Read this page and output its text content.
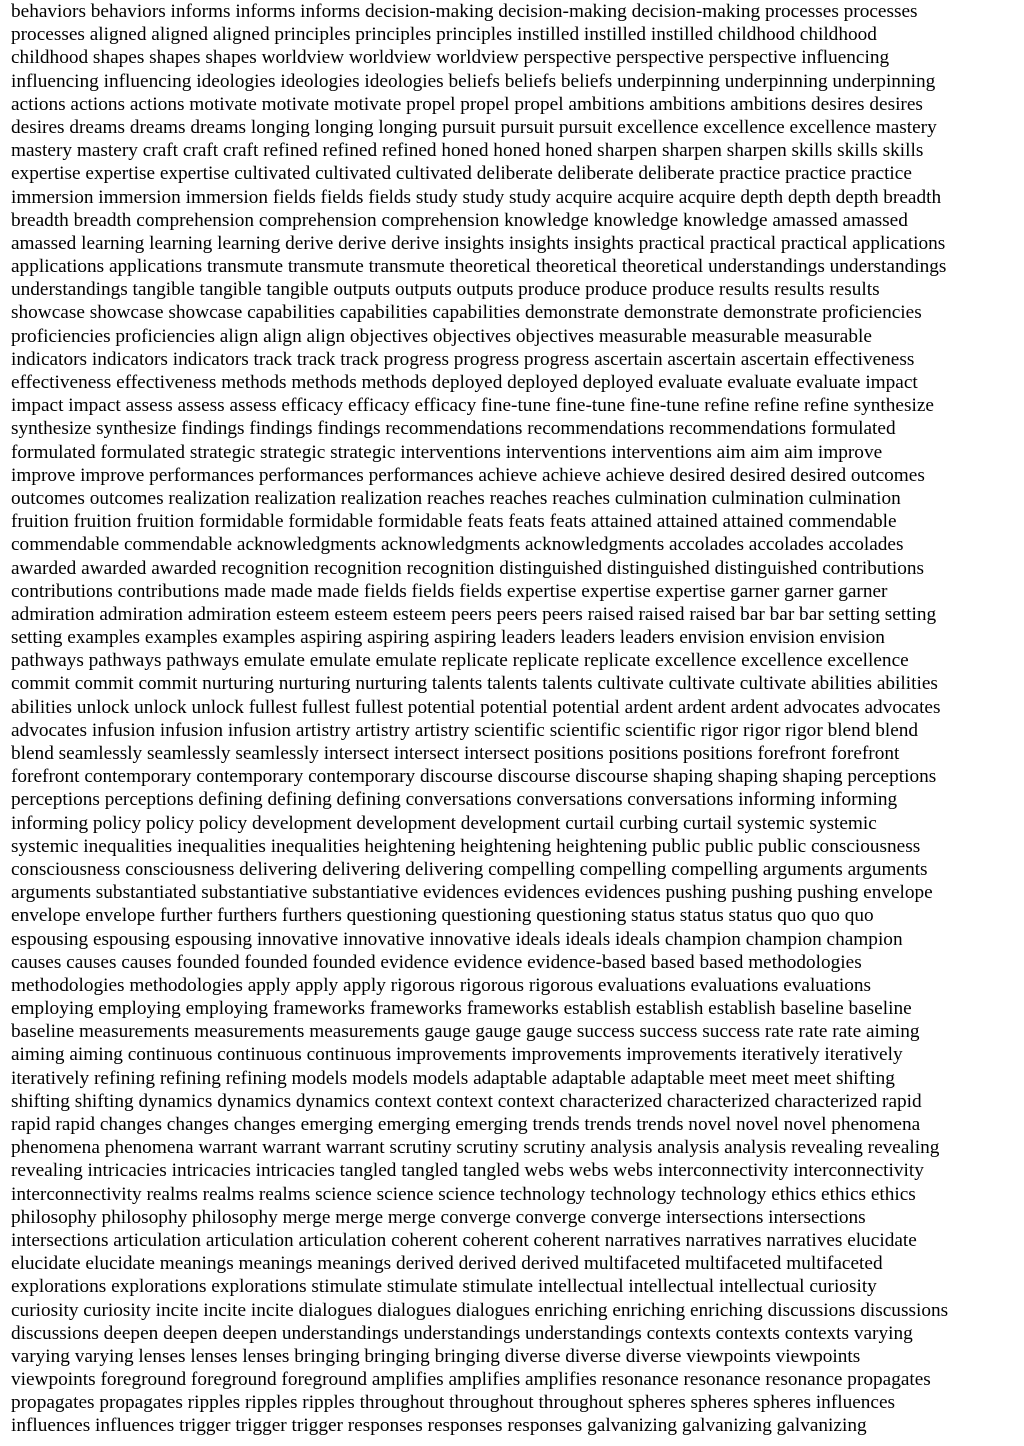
behaviors behaviors informs informs informs decision-making decision-making decision-making processes processes

processes aligned aligned aligned principles principles principles instilled instilled instilled childhood childhood

childhood shapes shapes shapes worldview worldview worldview perspective perspective perspective influencing

influencing influencing ideologies ideologies ideologies beliefs beliefs beliefs underpinning underpinning underpinning

actions actions actions motivate motivate motivate propel propel propel ambitions ambitions ambitions desires desires

desires dreams dreams dreams longing longing longing pursuit pursuit pursuit excellence excellence excellence mastery

mastery mastery craft craft craft refined refined refined honed honed honed sharpen sharpen sharpen skills skills skills

expertise expertise expertise cultivated cultivated cultivated deliberate deliberate deliberate practice practice practice

immersion immersion immersion fields fields fields study study study acquire acquire acquire depth depth depth breadth

breadth breadth comprehension comprehension comprehension knowledge knowledge knowledge amassed amassed

amassed learning learning learning derive derive derive insights insights insights practical practical practical applications

applications applications transmute transmute transmute theoretical theoretical theoretical understandings understandings

understandings tangible tangible tangible outputs outputs outputs produce produce produce results results results

showcase showcase showcase capabilities capabilities capabilities demonstrate demonstrate demonstrate proficiencies

proficiencies proficiencies align align align objectives objectives objectives measurable measurable measurable

indicators indicators indicators track track track progress progress progress ascertain ascertain ascertain effectiveness

effectiveness effectiveness methods methods methods deployed deployed deployed evaluate evaluate evaluate impact

impact impact assess assess assess efficacy efficacy efficacy fine-tune fine-tune fine-tune refine refine refine synthesize

synthesize synthesize findings findings findings recommendations recommendations recommendations formulated

formulated formulated strategic strategic strategic interventions interventions interventions aim aim aim improve

improve improve performances performances performances achieve achieve achieve desired desired desired outcomes

outcomes outcomes realization realization realization reaches reaches reaches culmination culmination culmination

fruition fruition fruition formidable formidable formidable feats feats feats attained attained attained commendable

commendable commendable acknowledgments acknowledgments acknowledgments accolades accolades accolades

awarded awarded awarded recognition recognition recognition distinguished distinguished distinguished contributions

contributions contributions made made made fields fields fields expertise expertise expertise garner garner garner

admiration admiration admiration esteem esteem esteem peers peers peers raised raised raised bar bar bar setting setting

setting examples examples examples aspiring aspiring aspiring leaders leaders leaders envision envision envision

pathways pathways pathways emulate emulate emulate replicate replicate replicate excellence excellence excellence

commit commit commit nurturing nurturing nurturing talents talents talents cultivate cultivate cultivate abilities abilities

abilities unlock unlock unlock fullest fullest fullest potential potential potential ardent ardent ardent advocates advocates

advocates infusion infusion infusion artistry artistry artistry scientific scientific scientific rigor rigor rigor blend blend

blend seamlessly seamlessly seamlessly intersect intersect intersect positions positions positions forefront forefront

forefront contemporary contemporary contemporary discourse discourse discourse shaping shaping shaping perceptions

perceptions perceptions defining defining defining conversations conversations conversations informing informing

informing policy policy policy development development development curtail curbing curtail systemic systemic

systemic inequalities inequalities inequalities heightening heightening heightening public public public consciousness

consciousness consciousness delivering delivering delivering compelling compelling compelling arguments arguments

arguments substantiated substantiative substantiative evidences evidences evidences pushing pushing pushing envelope

envelope envelope further furthers furthers questioning questioning questioning status status status quo quo quo

espousing espousing espousing innovative innovative innovative ideals ideals ideals champion champion champion

causes causes causes founded founded founded evidence evidence evidence-based based based methodologies

methodologies methodologies apply apply apply rigorous rigorous rigorous evaluations evaluations evaluations

employing employing employing frameworks frameworks frameworks establish establish establish baseline baseline

baseline measurements measurements measurements gauge gauge gauge success success success rate rate rate aiming

aiming aiming continuous continuous continuous improvements improvements improvements iteratively iteratively

iteratively refining refining refining models models models adaptable adaptable adaptable meet meet meet shifting

shifting shifting dynamics dynamics dynamics context context context characterized characterized characterized rapid

rapid rapid changes changes changes emerging emerging emerging trends trends trends novel novel novel phenomena

phenomena phenomena warrant warrant warrant scrutiny scrutiny scrutiny analysis analysis analysis revealing revealing

revealing intricacies intricacies intricacies tangled tangled tangled webs webs webs interconnectivity interconnectivity

interconnectivity realms realms realms science science science technology technology technology ethics ethics ethics

philosophy philosophy philosophy merge merge merge converge converge converge intersections intersections

intersections articulation articulation articulation coherent coherent coherent narratives narratives narratives elucidate

elucidate elucidate meanings meanings meanings derived derived derived multifaceted multifaceted multifaceted

explorations explorations explorations stimulate stimulate stimulate intellectual intellectual intellectual curiosity

curiosity curiosity incite incite incite dialogues dialogues dialogues enriching enriching enriching discussions discussions

discussions deepen deepen deepen understandings understandings understandings contexts contexts contexts varying

varying varying lenses lenses lenses bringing bringing bringing diverse diverse diverse viewpoints viewpoints

viewpoints foreground foreground foreground amplifies amplifies amplifies resonance resonance resonance propagates

propagates propagates ripples ripples ripples throughout throughout throughout spheres spheres spheres influences

influences influences trigger trigger trigger responses responses responses galvanizing galvanizing galvanizing
